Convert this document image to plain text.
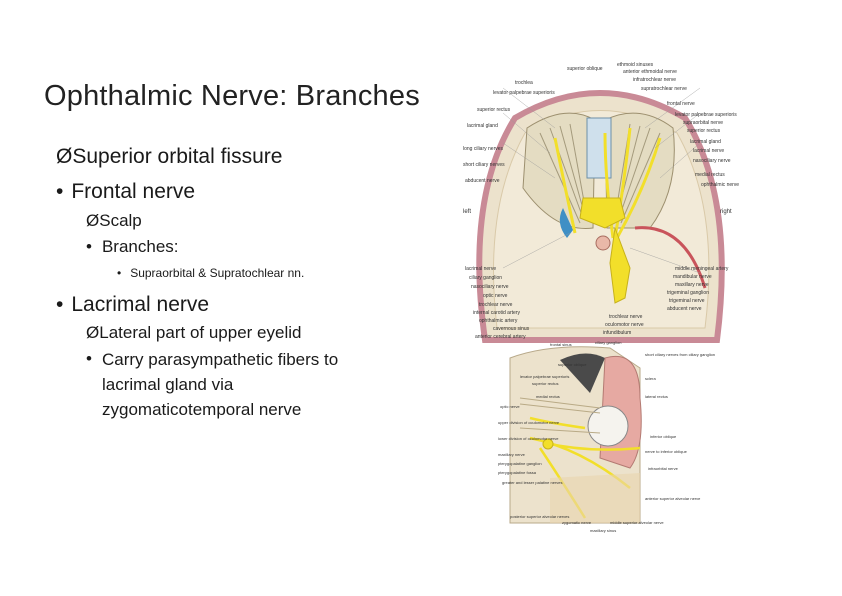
Ophthalmic Nerve: Branches
ØSuperior orbital fissure
• Frontal nerve
ØScalp
• Branches:
• Supraorbital & Supratochlear nn.
• Lacrimal nerve
ØLateral part of upper eyelid
• Carry parasympathetic fibers to lacrimal gland via zygomaticotemporal nerve
left	right
superior oblique
trochlea
levator palpebrae superioris
superior rectus
lacrimal gland
long ciliary nerves
short ciliary nerves
abducent nerve
lacrimal nerve
ciliary ganglion
nasociliary nerve
optic nerve
trochlear nerve
internal carotid artery
ophthalmic artery
cavernous sinus
anterior cerebral artery
ethmoid sinuses
anterior ethmoidal nerve
infratrochlear nerve
supratrochlear nerve
frontal nerve
levator palpebrae superioris
supraorbital nerve
superior rectus
lacrimal gland
lacrimal nerve
nasociliary nerve
medial rectus
ophthalmic nerve
middle meningeal artery
mandibular nerve
maxillary nerve
trigeminal ganglion
trigeminal nerve
abducent nerve
trochlear nerve
oculomotor nerve
infundibulum
frontal sinus
superior oblique
levator palpebrae superioris
superior rectus
medial rectus
optic nerve
upper division of oculomotor nerve
lower division of oculomotor nerve
maxillary nerve
pterygopalatine ganglion
pterygopalatine fossa
greater and lesser palatine nerves
posterior superior alveolar nerves
zygomatic nerve
maxillary sinus
ciliary ganglion
short ciliary nerves from ciliary ganglion
sclera
lateral rectus
inferior oblique
nerve to inferior oblique
infraorbital nerve
anterior superior alveolar nerve
middle superior alveolar nerve
